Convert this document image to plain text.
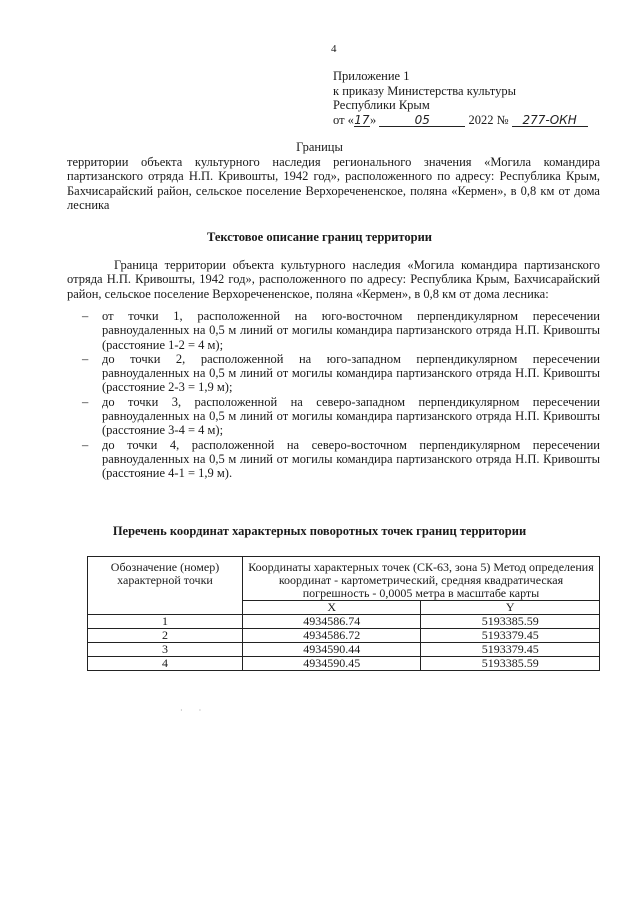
4
Приложение 1
к приказу Министерства культуры
Республики Крым
от «17»	05	2022 № 277-ОКН
Границы
территории объекта культурного наследия регионального значения «Могила командира партизанского отряда Н.П. Кривошты, 1942 год», расположенного по адресу: Республика Крым, Бахчисарайский район, сельское поселение Верхоречененское, поляна «Кермен», в 0,8 км от дома лесника
Текстовое описание границ территории
Граница территории объекта культурного наследия «Могила командира партизанского отряда Н.П. Кривошты, 1942 год», расположенного по адресу: Республика Крым, Бахчисарайский район, сельское поселение Верхоречененское, поляна «Кермен», в 0,8 км от дома лесника:
– от точки 1, расположенной на юго-восточном перпендикулярном пересечении равноудаленных на 0,5 м линий от могилы командира партизанского отряда Н.П. Кривошты (расстояние 1-2 = 4 м);
– до точки 2, расположенной на юго-западном перпендикулярном пересечении равноудаленных на 0,5 м линий от могилы командира партизанского отряда Н.П. Кривошты (расстояние 2-3 = 1,9 м);
– до точки 3, расположенной на северо-западном перпендикулярном пересечении равноудаленных на 0,5 м линий от могилы командира партизанского отряда Н.П. Кривошты (расстояние 3-4 = 4 м);
– до точки 4, расположенной на северо-восточном перпендикулярном пересечении равноудаленных на 0,5 м линий от могилы командира партизанского отряда Н.П. Кривошты (расстояние 4-1 = 1,9 м).
Перечень координат характерных поворотных точек границ территории
Обозначение (номер) характерной точки	Координаты характерных точек (СК-63, зона 5) Метод определения координат - картометрический, средняя квадратическая погрешность - 0,0005 метра в масштабе карты	
	X	Y
1	4934586.74	5193385.59
2	4934586.72	5193379.45
3	4934590.44	5193379.45
4	4934590.45	5193385.59
·        ·
